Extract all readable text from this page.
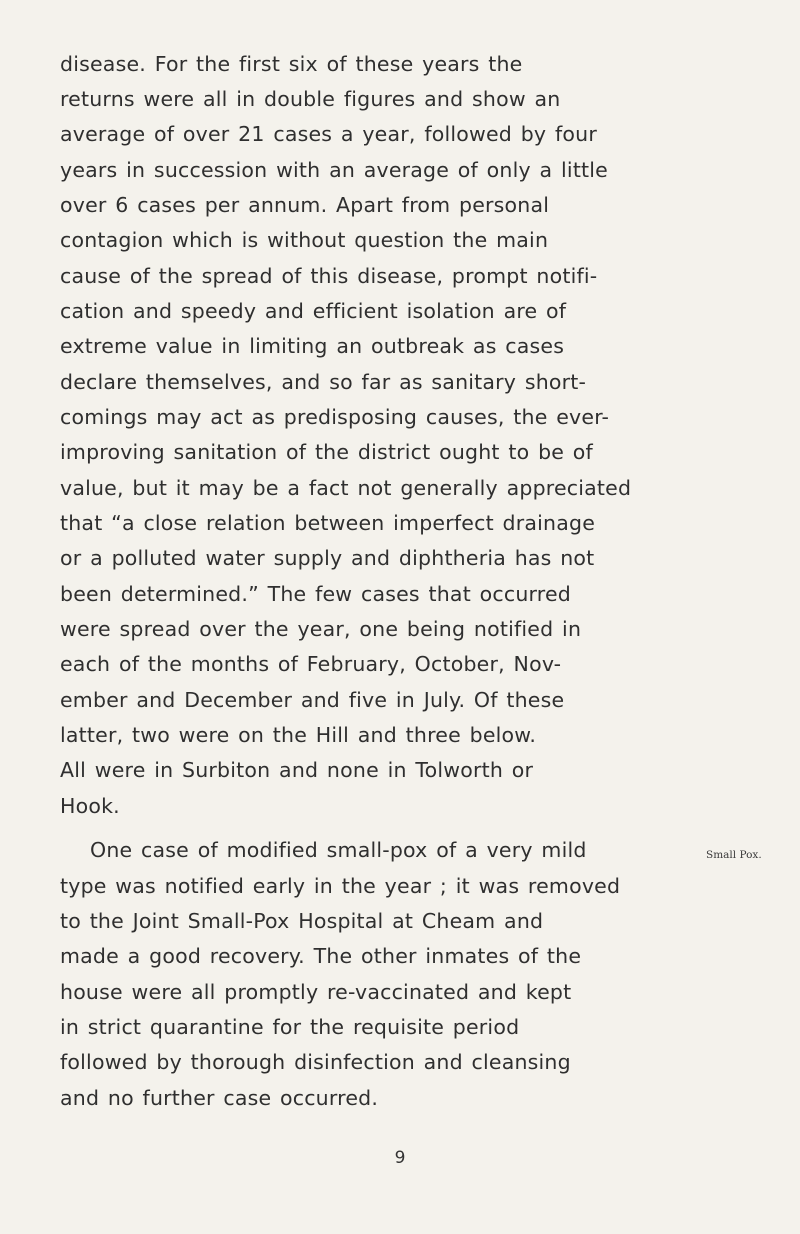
disease. For the first six of these years the
returns were all in double figures and show an
average of over 21 cases a year, followed by four
years in succession with an average of only a little
over 6 cases per annum. Apart from personal
contagion which is without question the main
cause of the spread of this disease, prompt notifi-
cation and speedy and efficient isolation are of
extreme value in limiting an outbreak as cases
declare themselves, and so far as sanitary short-
comings may act as predisposing causes, the ever-
improving sanitation of the district ought to be of
value, but it may be a fact not generally appreciated
that “a close relation between imperfect drainage
or a polluted water supply and diphtheria has not
been determined.” The few cases that occurred
were spread over the year, one being notified in
each of the months of February, October, Nov-
ember and December and five in July. Of these
latter, two were on the Hill and three below.
All were in Surbiton and none in Tolworth or
Hook.
One case of modified small-pox of a very mild
type was notified early in the year ; it was removed
to the Joint Small-Pox Hospital at Cheam and
made a good recovery. The other inmates of the
house were all promptly re-vaccinated and kept
in strict quarantine for the requisite period
followed by thorough disinfection and cleansing
and no further case occurred.
Small Pox.
9
